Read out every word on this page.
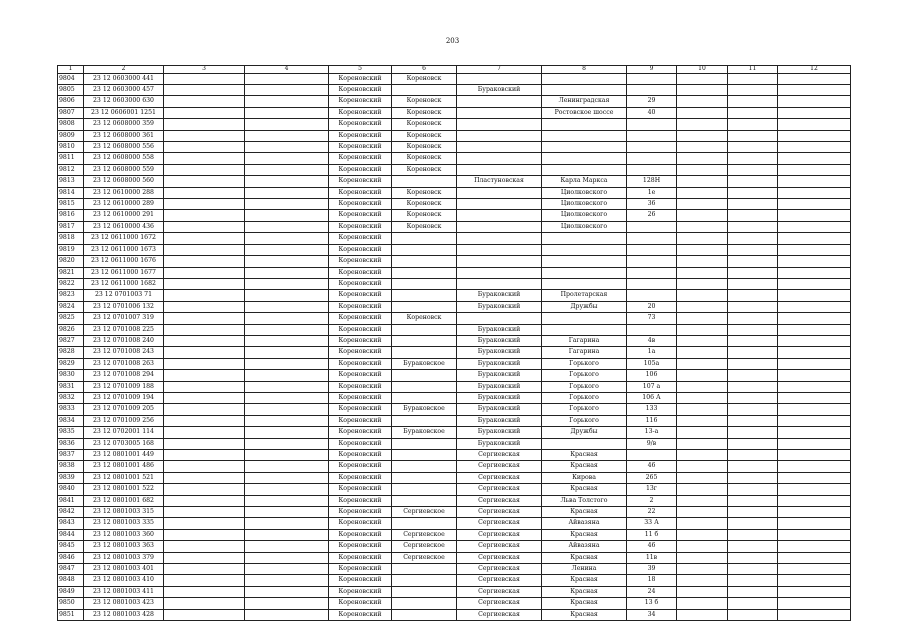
203
1	2	3	4	5	6	7	8	9	10	11	12
9804	23 12 0603000 441			Кореновский	Кореновск						
9805	23 12 0603000 457			Кореновский		Бураковский					
9806	23 12 0603000 630			Кореновский	Кореновск		Ленинградская	29			
9807	23 12 0606001 1251			Кореновский	Кореновск		Ростовское шоссе	40			
9808	23 12 0608000 359			Кореновский	Кореновск						
9809	23 12 0608000 361			Кореновский	Кореновск						
9810	23 12 0608000 556			Кореновский	Кореновск						
9811	23 12 0608000 558			Кореновский	Кореновск						
9812	23 12 0608000 559			Кореновский	Кореновск						
9813	23 12 0608000 560			Кореновский		Пластуновская	Карла Маркса	128Н			
9814	23 12 0610000 288			Кореновский	Кореновск		Циолковского	1е			
9815	23 12 0610000 289			Кореновский	Кореновск		Циолковского	36			
9816	23 12 0610000 291			Кореновский	Кореновск		Циолковского	26			
9817	23 12 0610000 436			Кореновский	Кореновск		Циолковского				
9818	23 12 0611000 1672			Кореновский							
9819	23 12 0611000 1673			Кореновский							
9820	23 12 0611000 1676			Кореновский							
9821	23 12 0611000 1677			Кореновский							
9822	23 12 0611000 1682			Кореновский							
9823	23 12 0701003 71			Кореновский		Бураковский	Пролетарская				
9824	23 12 0701006 132			Кореновский		Бураковский	Дружбы	20			
9825	23 12 0701007 319			Кореновский	Кореновск			73			
9826	23 12 0701008 225			Кореновский		Бураковский					
9827	23 12 0701008 240			Кореновский		Бураковский	Гагарина	4в			
9828	23 12 0701008 243			Кореновский		Бураковский	Гагарина	1а			
9829	23 12 0701008 263			Кореновский	Бураковское	Бураковский	Горького	105а			
9830	23 12 0701008 294			Кореновский		Бураковский	Горького	106			
9831	23 12 0701009 188			Кореновский		Бураковский	Горького	107 а			
9832	23 12 0701009 194			Кореновский		Бураковский	Горького	106 А			
9833	23 12 0701009 205			Кореновский	Бураковское	Бураковский	Горького	133			
9834	23 12 0701009 256			Кореновский		Бураковский	Горького	116			
9835	23 12 0702001 114			Кореновский	Бураковское	Бураковский	Дружбы	13-а			
9836	23 12 0703005 168			Кореновский		Бураковский		9/в			
9837	23 12 0801001 449			Кореновский		Сергиевская	Красная				
9838	23 12 0801001 486			Кореновский		Сергиевская	Красная	46			
9839	23 12 0801001 521			Кореновский		Сергиевская	Кирова	265			
9840	23 12 0801001 522			Кореновский		Сергиевская	Красная	13г			
9841	23 12 0801001 682			Кореновский		Сергиевская	Льва Толстого	2			
9842	23 12 0801003 315			Кореновский	Сергиевское	Сергиевская	Красная	22			
9843	23 12 0801003 335			Кореновский		Сергиевская	Айвазяна	33 А			
9844	23 12 0801003 360			Кореновский	Сергиевское	Сергиевская	Красная	11 б			
9845	23 12 0801003 363			Кореновский	Сергиевское	Сергиевская	Айвазяна	46			
9846	23 12 0801003 379			Кореновский	Сергиевское	Сергиевская	Красная	11в			
9847	23 12 0801003 401			Кореновский		Сергиевская	Ленина	39			
9848	23 12 0801003 410			Кореновский		Сергиевская	Красная	18			
9849	23 12 0801003 411			Кореновский		Сергиевская	Красная	24			
9850	23 12 0801003 423			Кореновский		Сергиевская	Красная	13 б			
9851	23 12 0801003 428			Кореновский		Сергиевская	Красная	34			
